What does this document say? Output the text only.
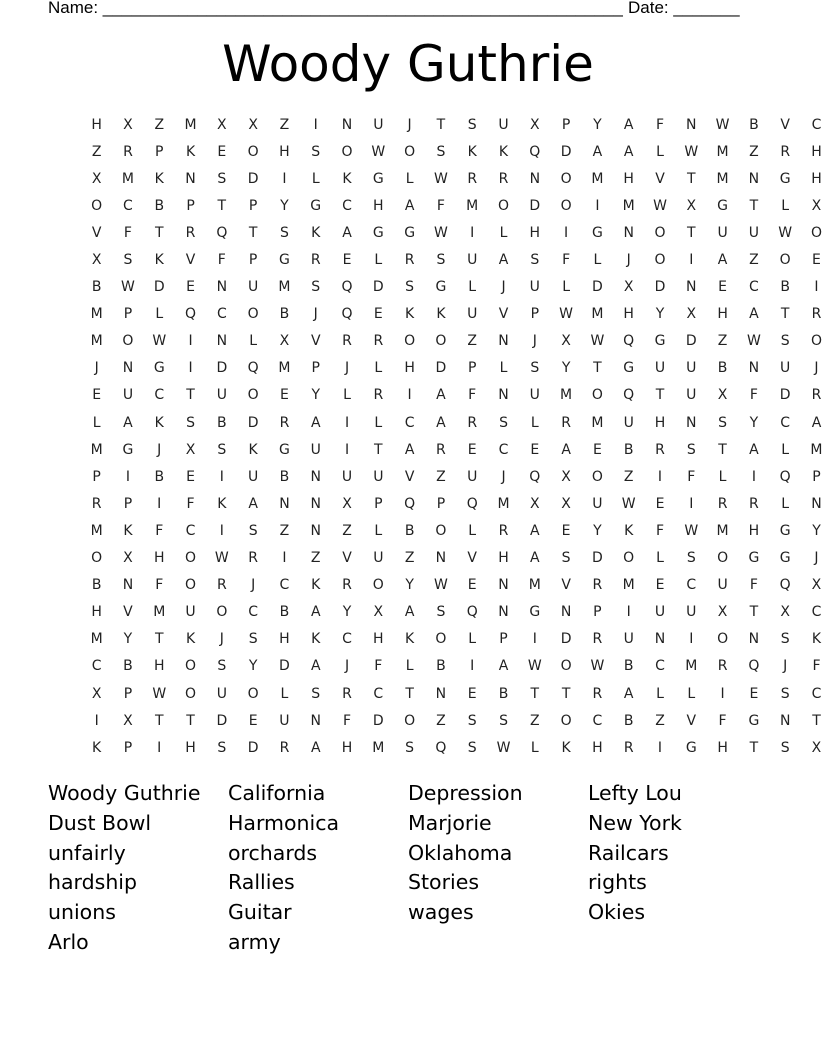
Name: _______________________________________________________ Date: _______
Woody Guthrie
H	X	Z	M	X	X	Z	I	N	U	J	T	S	U	X	P	Y	A	F	N	W	B	V	C
Z	R	P	K	E	O	H	S	O	W	O	S	K	K	Q	D	A	A	L	W	M	Z	R	H
X	M	K	N	S	D	I	L	K	G	L	W	R	R	N	O	M	H	V	T	M	N	G	H
O	C	B	P	T	P	Y	G	C	H	A	F	M	O	D	O	I	M	W	X	G	T	L	X
V	F	T	R	Q	T	S	K	A	G	G	W	I	L	H	I	G	N	O	T	U	U	W	O
X	S	K	V	F	P	G	R	E	L	R	S	U	A	S	F	L	J	O	I	A	Z	O	E
B	W	D	E	N	U	M	S	Q	D	S	G	L	J	U	L	D	X	D	N	E	C	B	I
M	P	L	Q	C	O	B	J	Q	E	K	K	U	V	P	W	M	H	Y	X	H	A	T	R
M	O	W	I	N	L	X	V	R	R	O	O	Z	N	J	X	W	Q	G	D	Z	W	S	O
J	N	G	I	D	Q	M	P	J	L	H	D	P	L	S	Y	T	G	U	U	B	N	U	J
E	U	C	T	U	O	E	Y	L	R	I	A	F	N	U	M	O	Q	T	U	X	F	D	R
L	A	K	S	B	D	R	A	I	L	C	A	R	S	L	R	M	U	H	N	S	Y	C	A
M	G	J	X	S	K	G	U	I	T	A	R	E	C	E	A	E	B	R	S	T	A	L	M
P	I	B	E	I	U	B	N	U	U	V	Z	U	J	Q	X	O	Z	I	F	L	I	Q	P
R	P	I	F	K	A	N	N	X	P	Q	P	Q	M	X	X	U	W	E	I	R	R	L	N
M	K	F	C	I	S	Z	N	Z	L	B	O	L	R	A	E	Y	K	F	W	M	H	G	Y
O	X	H	O	W	R	I	Z	V	U	Z	N	V	H	A	S	D	O	L	S	O	G	G	J
B	N	F	O	R	J	C	K	R	O	Y	W	E	N	M	V	R	M	E	C	U	F	Q	X
H	V	M	U	O	C	B	A	Y	X	A	S	Q	N	G	N	P	I	U	U	X	T	X	C
M	Y	T	K	J	S	H	K	C	H	K	O	L	P	I	D	R	U	N	I	O	N	S	K
C	B	H	O	S	Y	D	A	J	F	L	B	I	A	W	O	W	B	C	M	R	Q	J	F
X	P	W	O	U	O	L	S	R	C	T	N	E	B	T	T	R	A	L	L	I	E	S	C
I	X	T	T	D	E	U	N	F	D	O	Z	S	S	Z	O	C	B	Z	V	F	G	N	T
K	P	I	H	S	D	R	A	H	M	S	Q	S	W	L	K	H	R	I	G	H	T	S	X
Woody Guthrie
Dust Bowl
unfairly
hardship
unions
Arlo
California
Harmonica
orchards
Rallies
Guitar
army
Depression
Marjorie
Oklahoma
Stories
wages
Lefty Lou
New York
Railcars
rights
Okies
